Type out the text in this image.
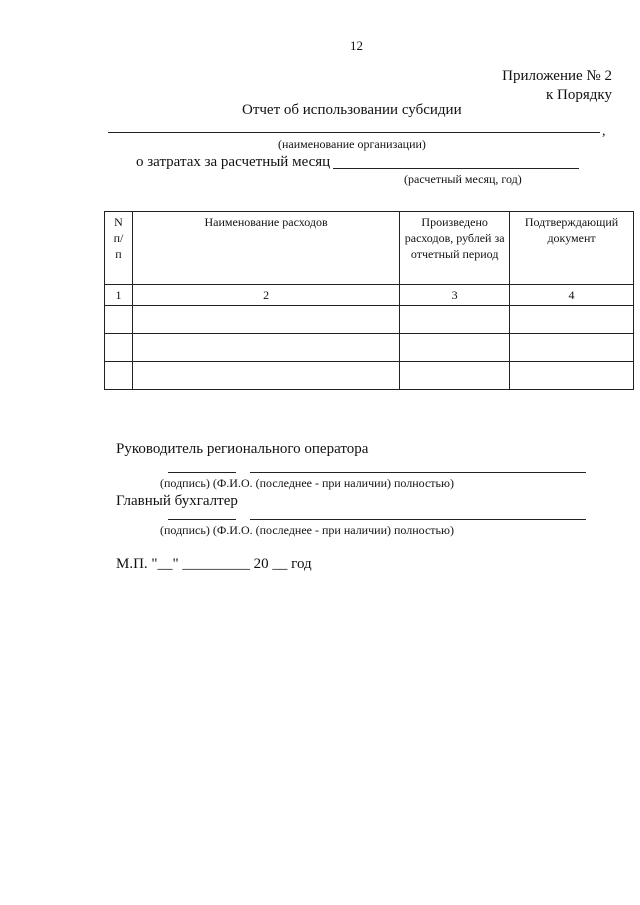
12
Приложение № 2
к Порядку
Отчет об использовании субсидии
,
(наименование организации)
о затратах за расчетный месяц
(расчетный месяц, год)
N п/п	Наименование расходов	Произведено расходов, рублей за отчетный период	Подтверждающий документ
1	2	3	4

Руководитель регионального оператора
(подпись) (Ф.И.О. (последнее - при наличии) полностью)
Главный бухгалтер
(подпись) (Ф.И.О. (последнее - при наличии) полностью)
М.П. "__" _________ 20 __ год
